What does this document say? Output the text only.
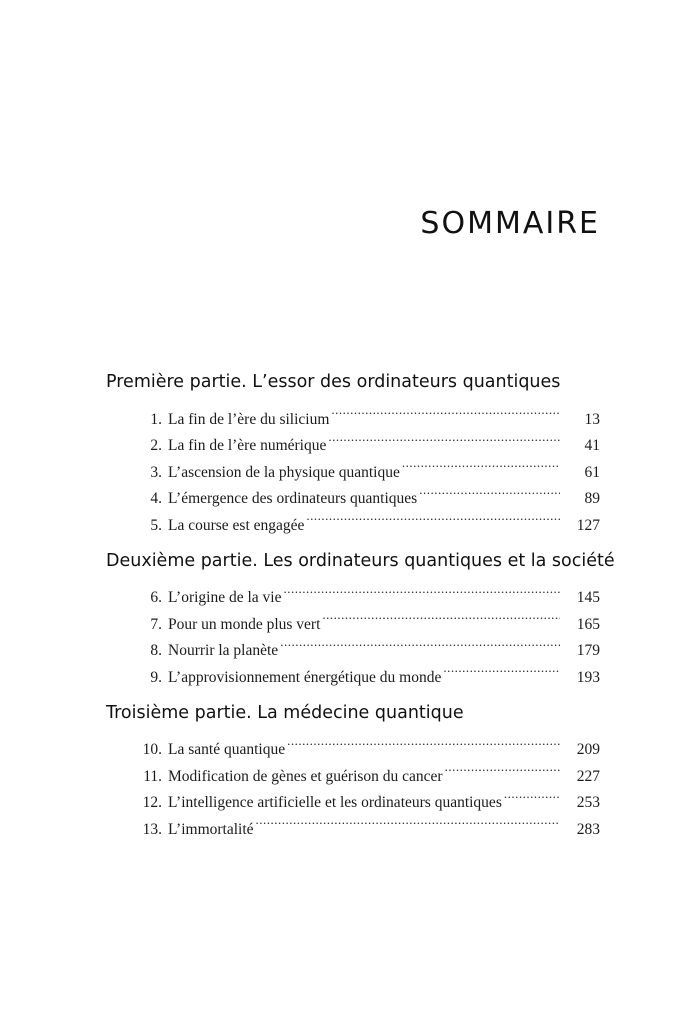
SOMMAIRE
Première partie. L’essor des ordinateurs quantiques
1. La fin de l’ère du silicium .....	13
2. La fin de l’ère numérique .....	41
3. L’ascension de la physique quantique .....	61
4. L’émergence des ordinateurs quantiques .....	89
5. La course est engagée .....	127
Deuxième partie. Les ordinateurs quantiques et la société
6. L’origine de la vie .....	145
7. Pour un monde plus vert .....	165
8. Nourrir la planète .....	179
9. L’approvisionnement énergétique du monde .....	193
Troisième partie. La médecine quantique
10. La santé quantique .....	209
11. Modification de gènes et guérison du cancer .....	227
12. L’intelligence artificielle et les ordinateurs quantiques .....	253
13. L’immortalité .....	283
